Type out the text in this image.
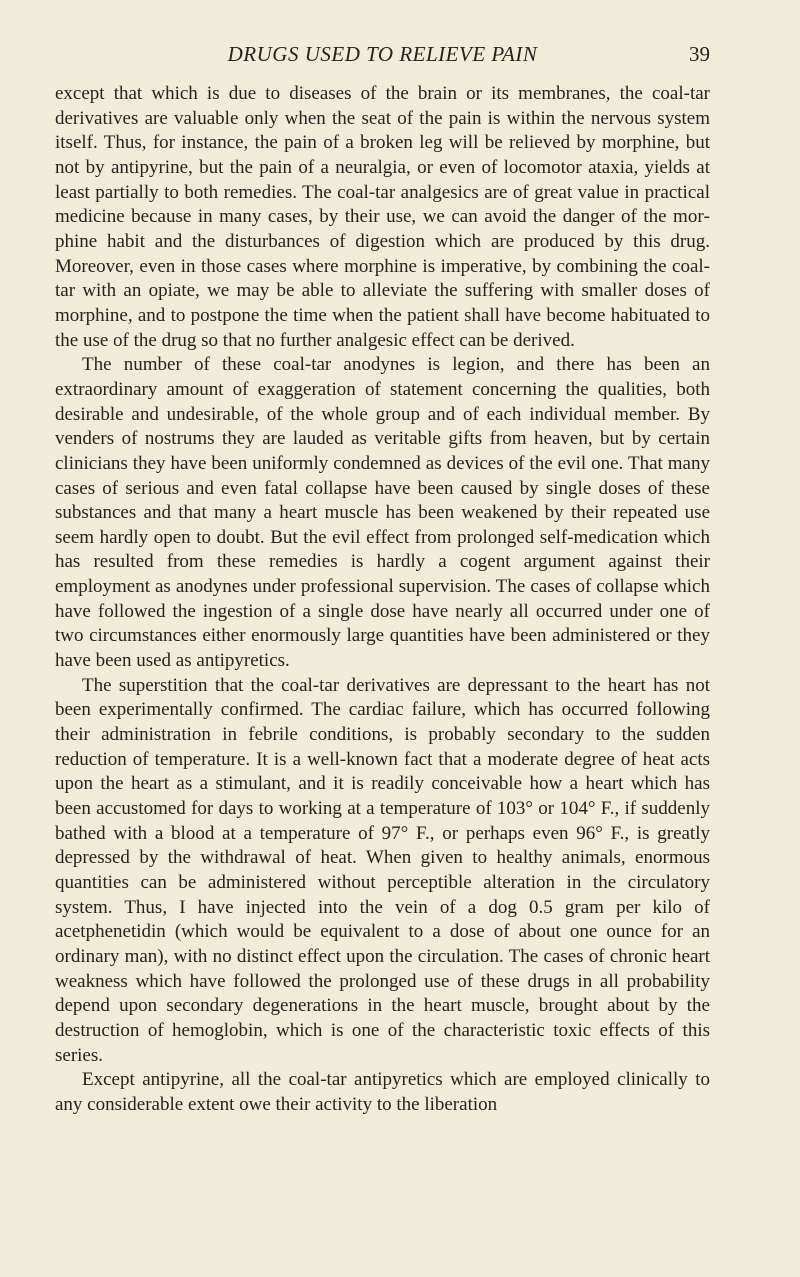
DRUGS USED TO RELIEVE PAIN	39

except that which is due to diseases of the brain or its membranes, the coal-tar derivatives are valuable only when the seat of the pain is within the nervous system itself. Thus, for instance, the pain of a broken leg will be relieved by morphine, but not by antipyrine, but the pain of a neuralgia, or even of locomotor ataxia, yields at least partially to both remedies. The coal-tar analgesics are of great value in practical medicine because in many cases, by their use, we can avoid the danger of the morphine habit and the disturbances of digestion which are produced by this drug. Moreover, even in those cases where morphine is imperative, by combining the coal-tar with an opiate, we may be able to alleviate the suffering with smaller doses of morphine, and to postpone the time when the patient shall have become habituated to the use of the drug so that no further analgesic effect can be derived.

The number of these coal-tar anodynes is legion, and there has been an extraordinary amount of exaggeration of statement concerning the qualities, both desirable and undesirable, of the whole group and of each individual member. By venders of nostrums they are lauded as veritable gifts from heaven, but by certain clinicians they have been uniformly condemned as devices of the evil one. That many cases of serious and even fatal collapse have been caused by single doses of these substances and that many a heart muscle has been weakened by their repeated use seem hardly open to doubt. But the evil effect from prolonged self-medication which has resulted from these remedies is hardly a cogent argument against their employment as anodynes under professional supervision. The cases of collapse which have followed the ingestion of a single dose have nearly all occurred under one of two circumstances either enormously large quantities have been administered or they have been used as antipyretics.

The superstition that the coal-tar derivatives are depressant to the heart has not been experimentally confirmed. The cardiac failure, which has occurred following their administration in febrile conditions, is probably secondary to the sudden reduction of temperature. It is a well-known fact that a moderate degree of heat acts upon the heart as a stimulant, and it is readily conceivable how a heart which has been accustomed for days to working at a temperature of 103° or 104° F., if suddenly bathed with a blood at a temperature of 97° F., or perhaps even 96° F., is greatly depressed by the withdrawal of heat. When given to healthy animals, enormous quantities can be administered without perceptible alteration in the circulatory system. Thus, I have injected into the vein of a dog 0.5 gram per kilo of acetphenetidin (which would be equivalent to a dose of about one ounce for an ordinary man), with no distinct effect upon the circulation. The cases of chronic heart weakness which have followed the prolonged use of these drugs in all probability depend upon secondary degenerations in the heart muscle, brought about by the destruction of hemoglobin, which is one of the characteristic toxic effects of this series.

Except antipyrine, all the coal-tar antipyretics which are employed clinically to any considerable extent owe their activity to the liberation
